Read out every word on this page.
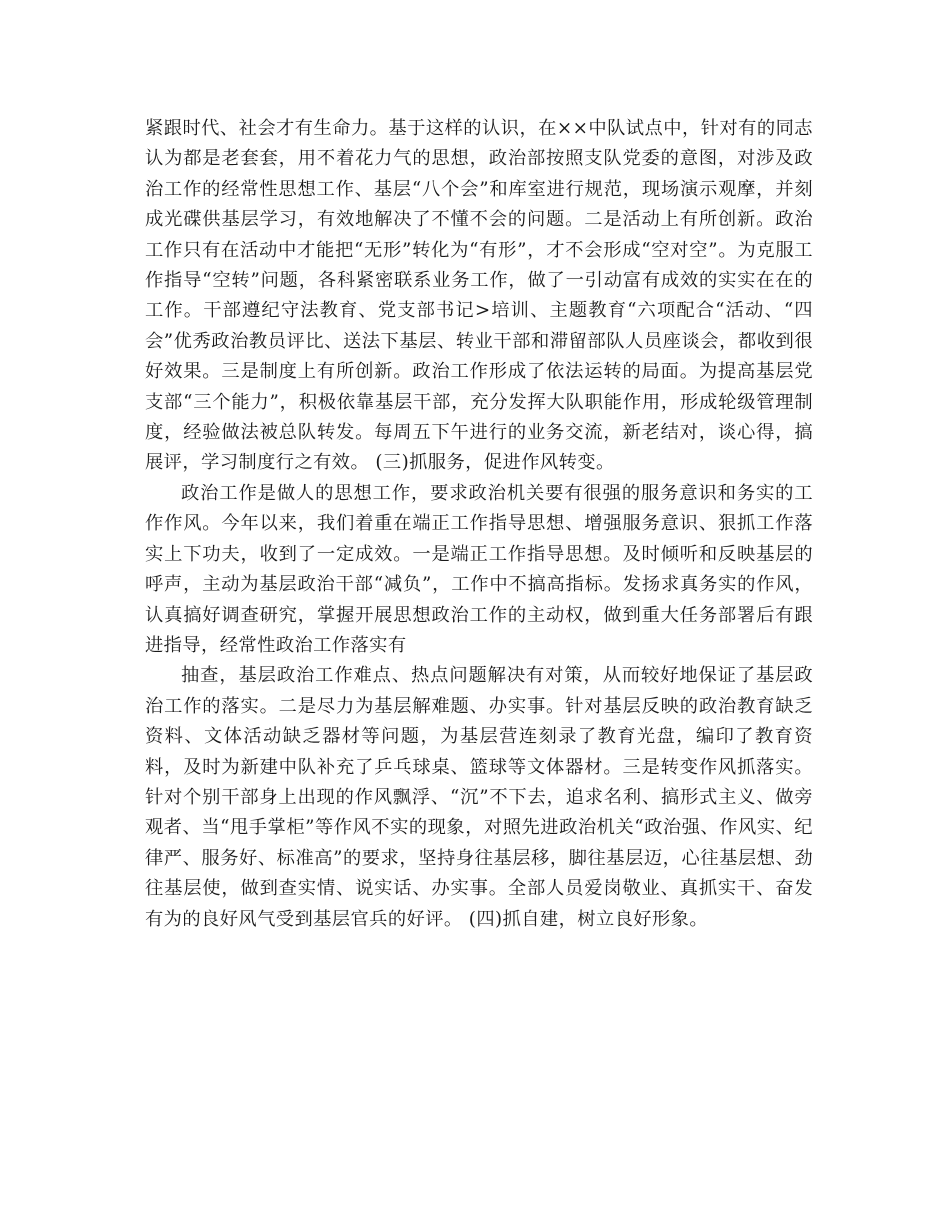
紧跟时代、社会才有生命力。基于这样的认识，在××中队试点中，针对有的同志认为都是老套套，用不着花力气的思想，政治部按照支队党委的意图，对涉及政治工作的经常性思想工作、基层“八个会”和库室进行规范，现场演示观摩，并刻成光碟供基层学习，有效地解决了不懂不会的问题。二是活动上有所创新。政治工作只有在活动中才能把“无形”转化为“有形”，才不会形成“空对空”。为克服工作指导“空转”问题，各科紧密联系业务工作，做了一引动富有成效的实实在在的工作。干部遵纪守法教育、党支部书记>培训、主题教育“六项配合“活动、“四会”优秀政治教员评比、送法下基层、转业干部和滞留部队人员座谈会，都收到很好效果。三是制度上有所创新。政治工作形成了依法运转的局面。为提高基层党支部“三个能力”，积极依靠基层干部，充分发挥大队职能作用，形成轮级管理制度，经验做法被总队转发。每周五下午进行的业务交流，新老结对，谈心得，搞展评，学习制度行之有效。 (三)抓服务，促进作风转变。

政治工作是做人的思想工作，要求政治机关要有很强的服务意识和务实的工作作风。今年以来，我们着重在端正工作指导思想、增强服务意识、狠抓工作落实上下功夫，收到了一定成效。一是端正工作指导思想。及时倾听和反映基层的呼声，主动为基层政治干部“减负”，工作中不搞高指标。发扬求真务实的作风，认真搞好调查研究，掌握开展思想政治工作的主动权，做到重大任务部署后有跟进指导，经常性政治工作落实有

抽查，基层政治工作难点、热点问题解决有对策，从而较好地保证了基层政治工作的落实。二是尽力为基层解难题、办实事。针对基层反映的政治教育缺乏资料、文体活动缺乏器材等问题，为基层营连刻录了教育光盘，编印了教育资料，及时为新建中队补充了乒乓球桌、篮球等文体器材。三是转变作风抓落实。针对个别干部身上出现的作风飘浮、“沉”不下去，追求名利、搞形式主义、做旁观者、当“甩手掌柜”等作风不实的现象，对照先进政治机关“政治强、作风实、纪律严、服务好、标准高”的要求，坚持身往基层移，脚往基层迈，心往基层想、劲往基层使，做到查实情、说实话、办实事。全部人员爱岗敬业、真抓实干、奋发有为的良好风气受到基层官兵的好评。 (四)抓自建，树立良好形象。
